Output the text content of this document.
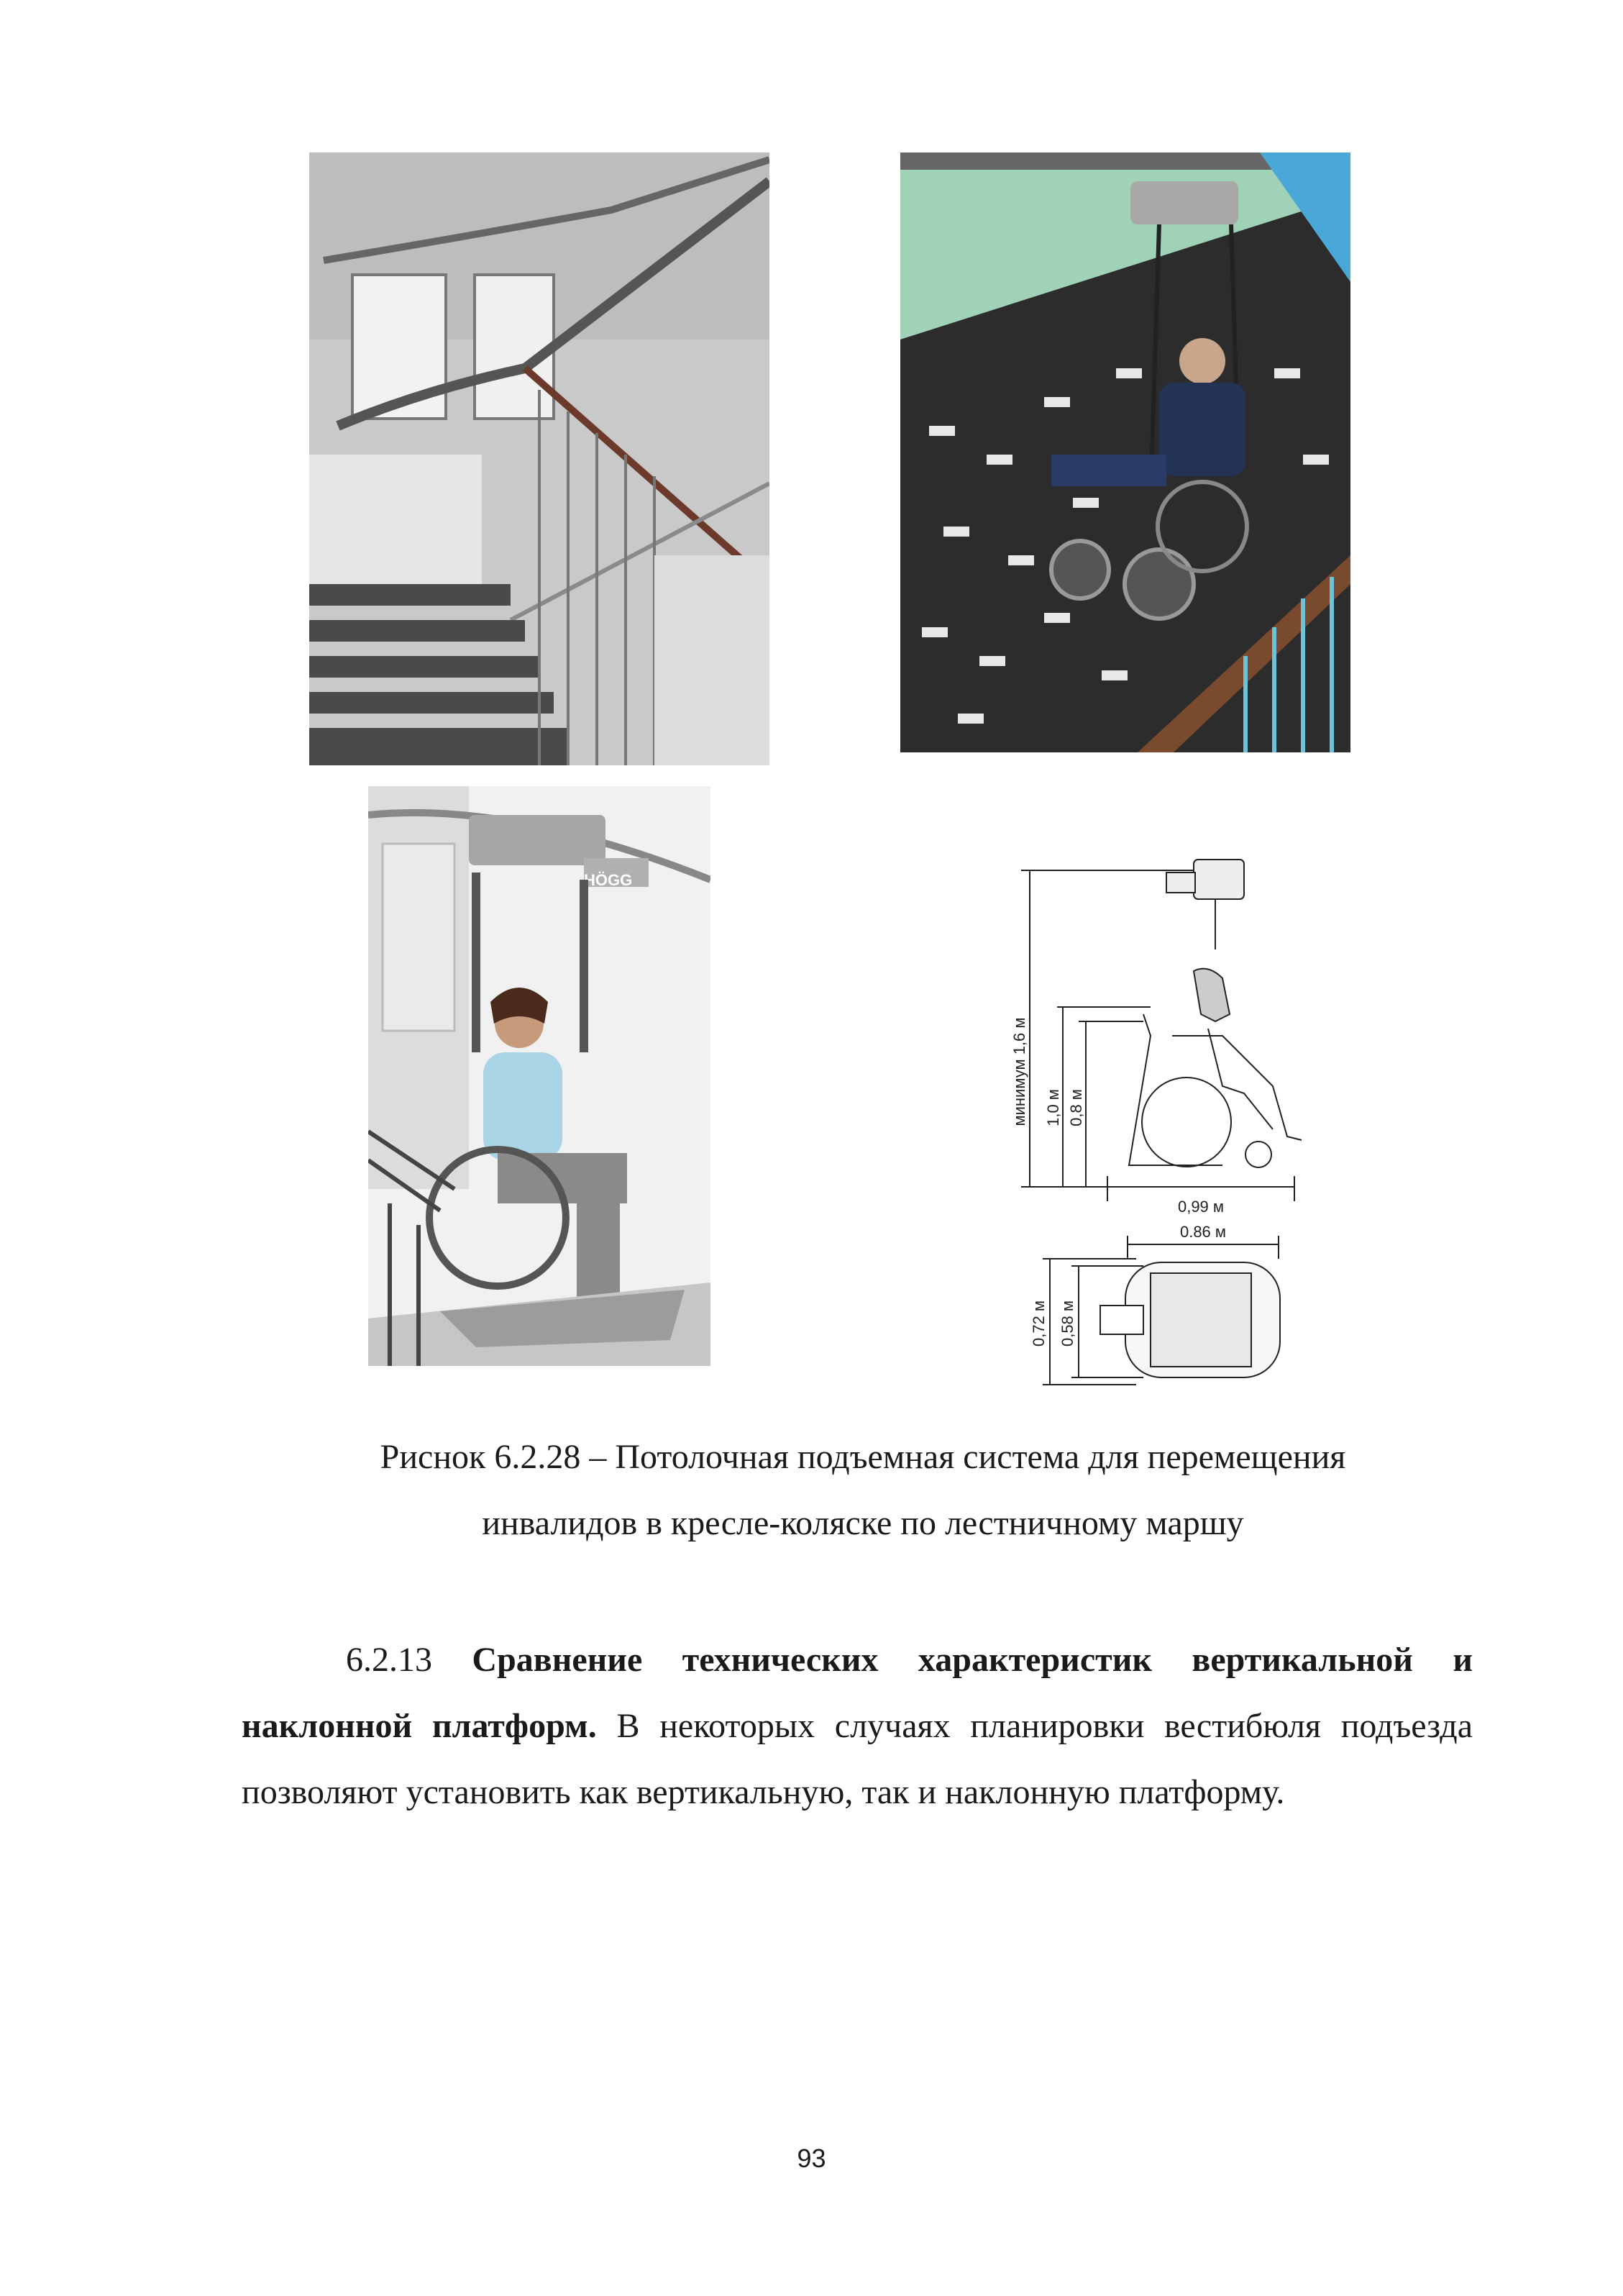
HÖGG
минимум 1,6 м 1,0 м 0,8 м
0,99 м
0.86 м
0,72 м 0,58 м
Риснок 6.2.28 – Потолочная подъемная система для перемещения
инвалидов в кресле-коляске по лестничному маршу
6.2.13 Сравнение технических характеристик вертикальной и наклонной платформ. В некоторых случаях планировки вестибюля подъезда позволяют установить как вертикальную, так и наклонную платформу.
93
